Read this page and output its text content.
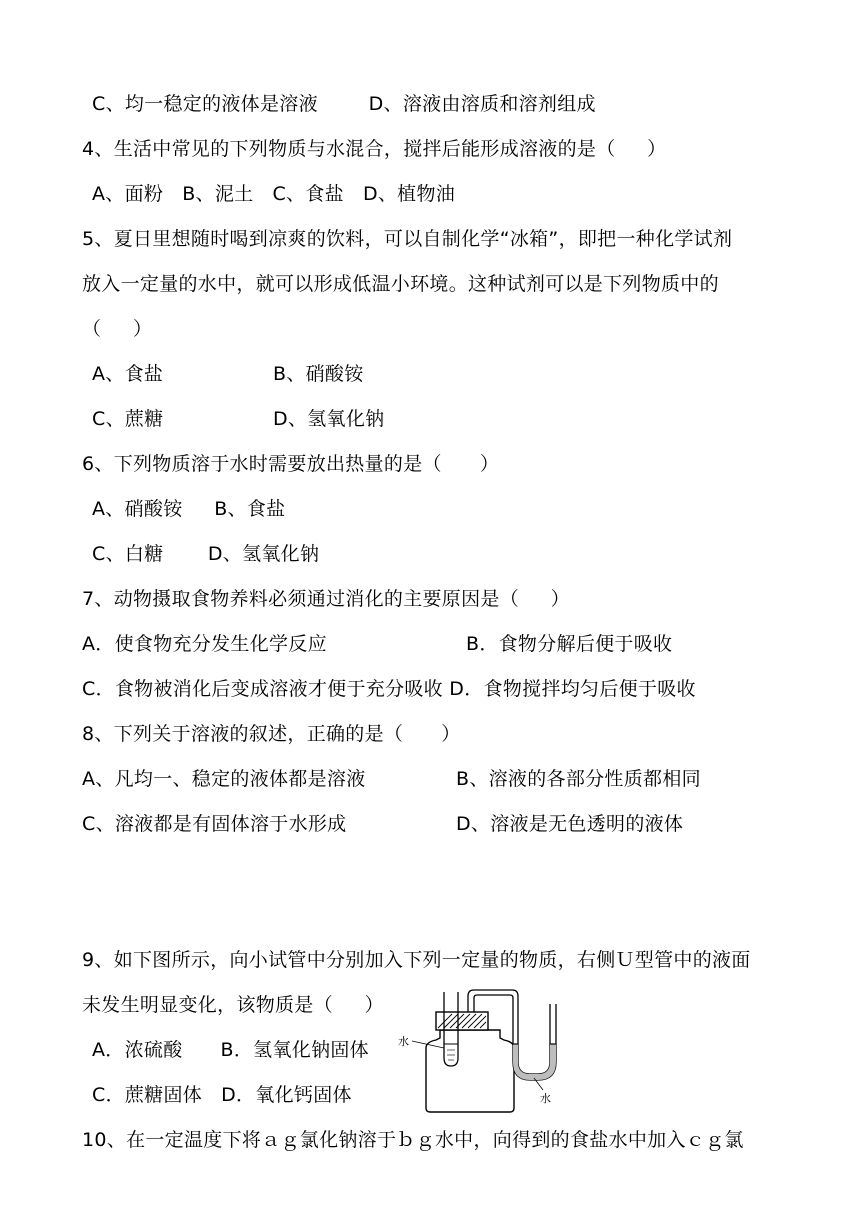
C、均一稳定的液体是溶液        D、溶液由溶质和溶剂组成
4、生活中常见的下列物质与水混合，搅拌后能形成溶液的是（     ）
A、面粉   B、泥土   C、食盐   D、植物油
5、夏日里想随时喝到凉爽的饮料，可以自制化学“冰箱”，即把一种化学试剂
放入一定量的水中，就可以形成低温小环境。这种试剂可以是下列物质中的
（     ）
A、食盐	B、硝酸铵
C、蔗糖	D、氢氧化钠
6、下列物质溶于水时需要放出热量的是（      ）
A、硝酸铵     B、食盐
C、白糖       D、氢氧化钠
7、动物摄取食物养料必须通过消化的主要原因是（     ）
A．使食物充分发生化学反应	B．食物分解后便于吸收
C．食物被消化后变成溶液才便于充分吸收 D．食物搅拌均匀后便于吸收
8、下列关于溶液的叙述，正确的是（      ）
A、凡均一、稳定的液体都是溶液	B、溶液的各部分性质都相同
C、溶液都是有固体溶于水形成	D、溶液是无色透明的液体
9、如下图所示，向小试管中分别加入下列一定量的物质，右侧Ｕ型管中的液面
未发生明显变化，该物质是（     ）
A．浓硫酸      B．氢氧化钠固体
C．蔗糖固体   D．氧化钙固体
10、在一定温度下将ａｇ氯化钠溶于ｂｇ水中，向得到的食盐水中加入ｃｇ氯
水
水
